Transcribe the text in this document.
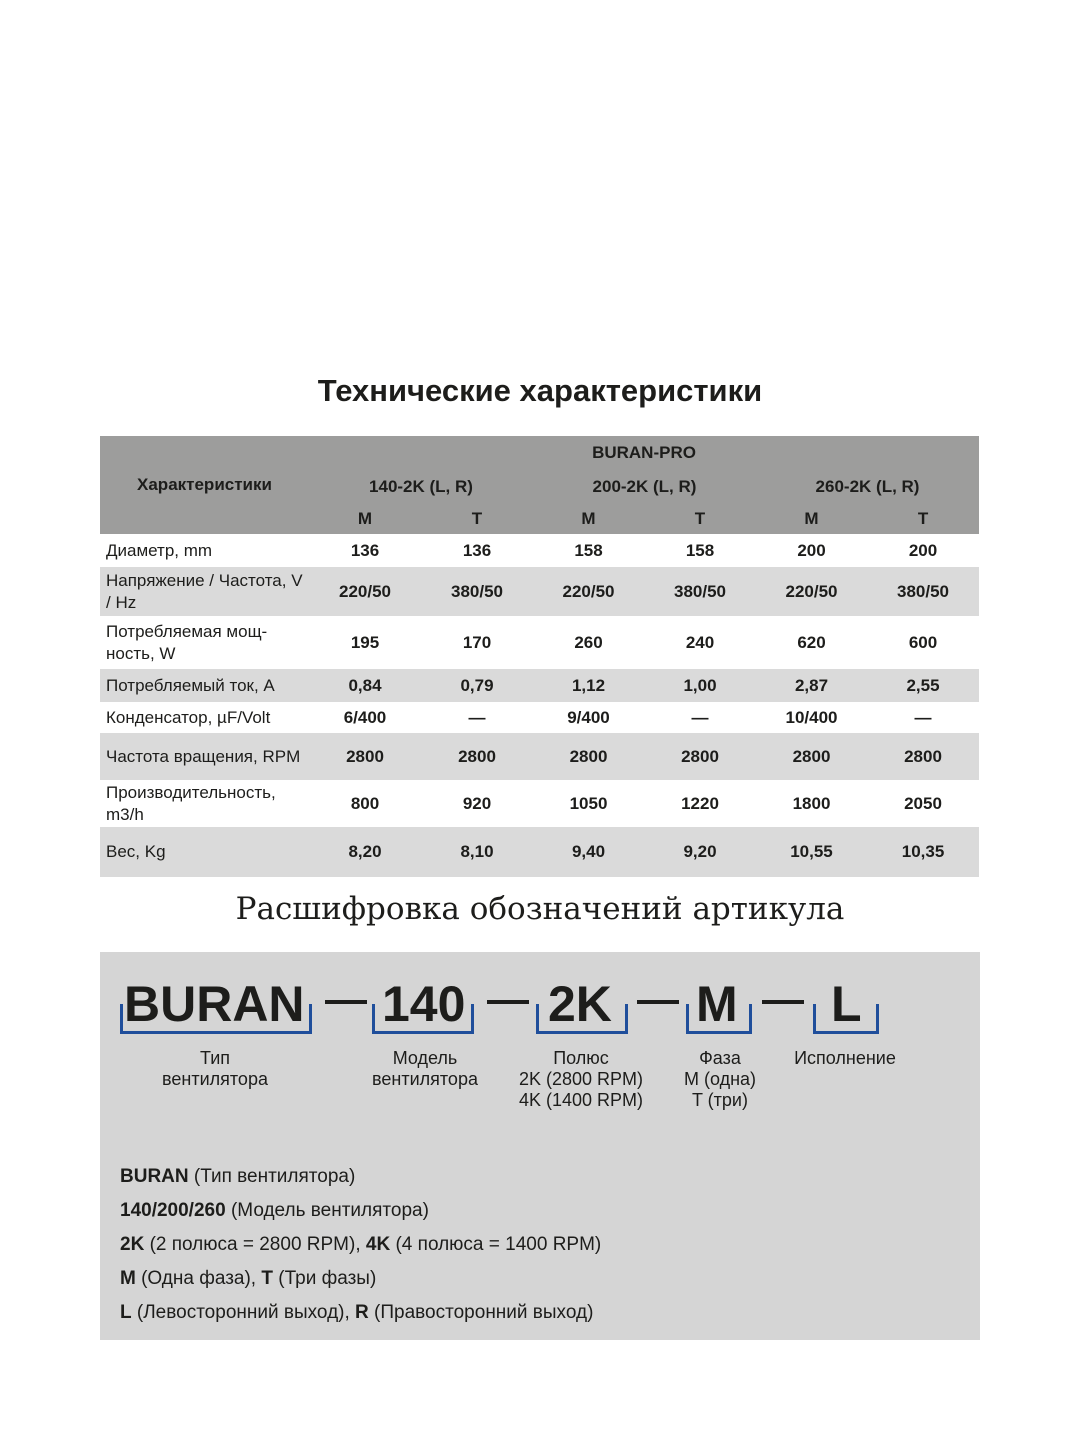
Технические характеристики
Характеристики	BURAN-PRO					
	140-2K (L, R)		200-2K (L, R)		260-2K (L, R)	
	M	T	M	T	M	T
Диаметр, mm	136	136	158	158	200	200
Напряжение / Частота, V / Hz	220/50	380/50	220/50	380/50	220/50	380/50
Потребляемая мощ-ность, W	195	170	260	240	620	600
Потребляемый ток, A	0,84	0,79	1,12	1,00	2,87	2,55
Конденсатор, µF/Volt	6/400	—	9/400	—	10/400	—
Частота вращения, RPM	2800	2800	2800	2800	2800	2800
Производительность, m3/h	800	920	1050	1220	1800	2050
Вес, Kg	8,20	8,10	9,40	9,20	10,55	10,35
Расшифровка обозначений артикула
BURAN 140 2K M L
Тип
вентилятора
Модель
вентилятора
Полюс
2K (2800 RPM)
4K (1400 RPM)
Фаза
M (одна)
T (три)
Исполнение
BURAN (Тип вентилятора)
140/200/260 (Модель вентилятора)
2K (2 полюса = 2800 RPM), 4K (4 полюса = 1400 RPM)
M (Одна фаза), T (Три фазы)
L (Левосторонний выход), R (Правосторонний выход)
